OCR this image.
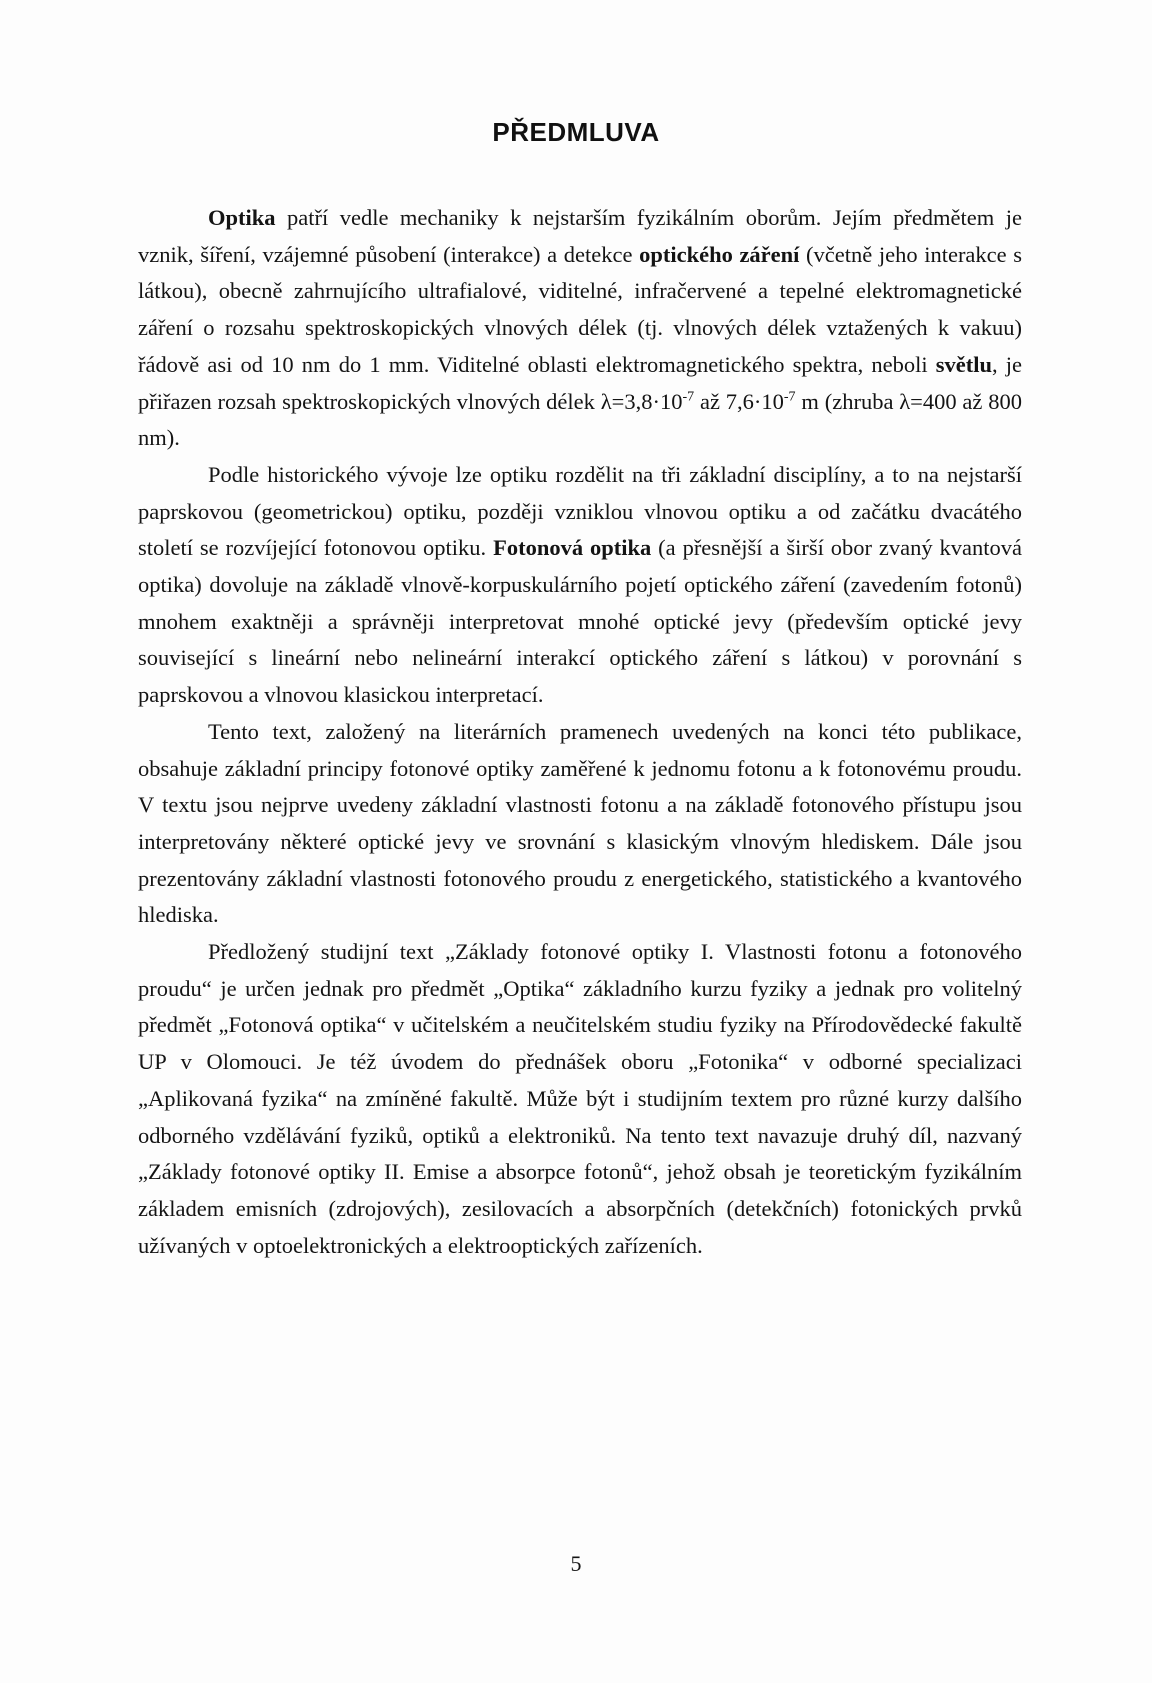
PŘEDMLUVA

Optika patří vedle mechaniky k nejstarším fyzikálním oborům. Jejím předmětem je vznik, šíření, vzájemné působení (interakce) a detekce optického záření (včetně jeho interakce s látkou), obecně zahrnujícího ultrafialové, viditelné, infračervené a tepelné elektromagnetické záření o rozsahu spektroskopických vlnových délek (tj. vlnových délek vztažených k vakuu) řádově asi od 10 nm do 1 mm. Viditelné oblasti elektromagnetického spektra, neboli světlu, je přiřazen rozsah spektroskopických vlnových délek $\lambda=3,8\cdot 10^{-7}$ až $7,6\cdot 10^{-7}$ m (zhruba λ=400 až 800 nm).

Podle historického vývoje lze optiku rozdělit na tři základní disciplíny, a to na nejstarší paprskovou (geometrickou) optiku, později vzniklou vlnovou optiku a od začátku dvacátého století se rozvíjející fotonovou optiku. Fotonová optika (a přesnější a širší obor zvaný kvantová optika) dovoluje na základě vlnově-korpuskulárního pojetí optického záření (zavedením fotonů) mnohem exaktněji a správněji interpretovat mnohé optické jevy (především optické jevy související s lineární nebo nelineární interakcí optického záření s látkou) v porovnání s paprskovou a vlnovou klasickou interpretací.

Tento text, založený na literárních pramenech uvedených na konci této publikace, obsahuje základní principy fotonové optiky zaměřené k jednomu fotonu a k fotonovému proudu. V textu jsou nejprve uvedeny základní vlastnosti fotonu a na základě fotonového přístupu jsou interpretovány některé optické jevy ve srovnání s klasickým vlnovým hlediskem. Dále jsou prezentovány základní vlastnosti fotonového proudu z energetického, statistického a kvantového hlediska.

Předložený studijní text „Základy fotonové optiky I. Vlastnosti fotonu a fotonového proudu“ je určen jednak pro předmět „Optika“ základního kurzu fyziky a jednak pro volitelný předmět „Fotonová optika“ v učitelském a neučitelském studiu fyziky na Přírodovědecké fakultě UP v Olomouci. Je též úvodem do přednášek oboru „Fotonika“ v odborné specializaci „Aplikovaná fyzika“ na zmíněné fakultě. Může být i studijním textem pro různé kurzy dalšího odborného vzdělávání fyziků, optiků a elektroniků. Na tento text navazuje druhý díl, nazvaný „Základy fotonové optiky II. Emise a absorpce fotonů“, jehož obsah je teoretickým fyzikálním základem emisních (zdrojových), zesilovacích a absorpčních (detekčních) fotonických prvků užívaných v optoelektronických a elektrooptických zařízeních.

5
